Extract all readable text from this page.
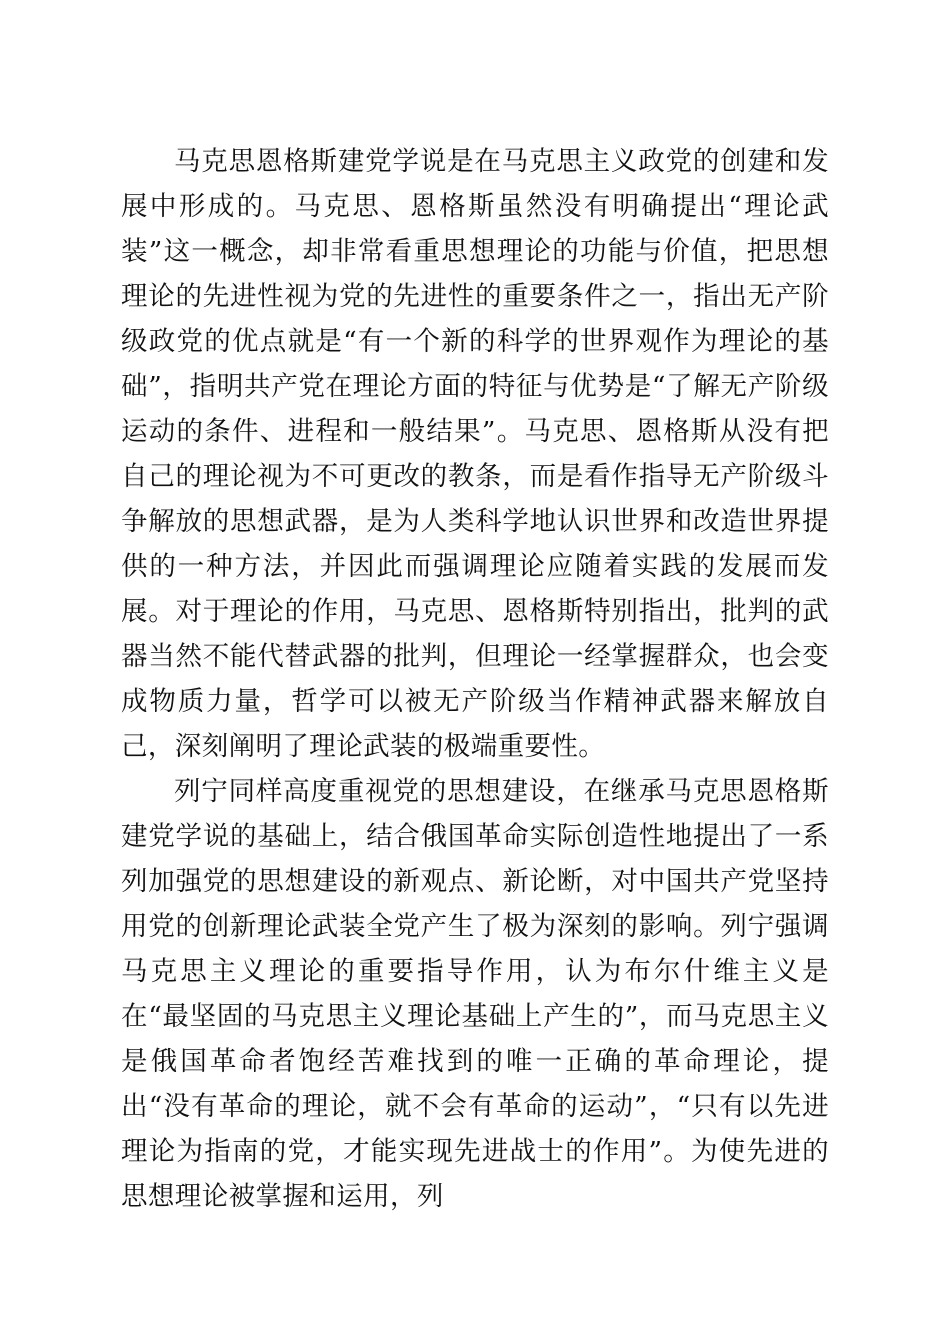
马克思恩格斯建党学说是在马克思主义政党的创建和发展中形成的。马克思、恩格斯虽然没有明确提出“理论武装”这一概念，却非常看重思想理论的功能与价值，把思想理论的先进性视为党的先进性的重要条件之一，指出无产阶级政党的优点就是“有一个新的科学的世界观作为理论的基础”，指明共产党在理论方面的特征与优势是“了解无产阶级运动的条件、进程和一般结果”。马克思、恩格斯从没有把自己的理论视为不可更改的教条，而是看作指导无产阶级斗争解放的思想武器，是为人类科学地认识世界和改造世界提供的一种方法，并因此而强调理论应随着实践的发展而发展。对于理论的作用，马克思、恩格斯特别指出，批判的武器当然不能代替武器的批判，但理论一经掌握群众，也会变成物质力量，哲学可以被无产阶级当作精神武器来解放自己，深刻阐明了理论武装的极端重要性。

列宁同样高度重视党的思想建设，在继承马克思恩格斯建党学说的基础上，结合俄国革命实际创造性地提出了一系列加强党的思想建设的新观点、新论断，对中国共产党坚持用党的创新理论武装全党产生了极为深刻的影响。列宁强调马克思主义理论的重要指导作用，认为布尔什维主义是在“最坚固的马克思主义理论基础上产生的”，而马克思主义是俄国革命者饱经苦难找到的唯一正确的革命理论，提出“没有革命的理论，就不会有革命的运动”，“只有以先进理论为指南的党，才能实现先进战士的作用”。为使先进的思想理论被掌握和运用，列
